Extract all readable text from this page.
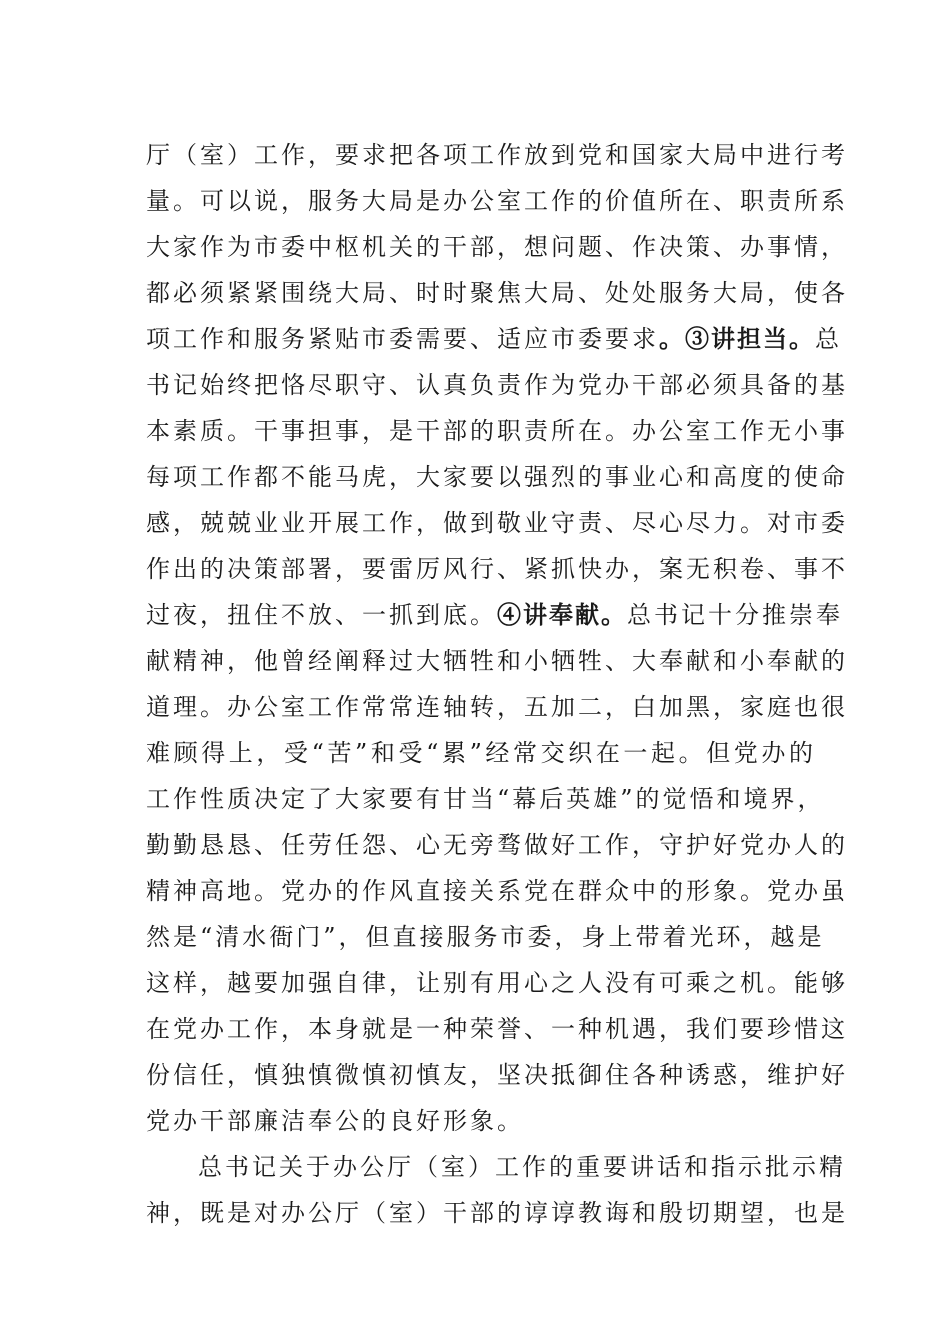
厅（室）工作，要求把各项工作放到党和国家大局中进行考
量。可以说，服务大局是办公室工作的价值所在、职责所系
大家作为市委中枢机关的干部，想问题、作决策、办事情，
都必须紧紧围绕大局、时时聚焦大局、处处服务大局，使各
项工作和服务紧贴市委需要、适应市委要求。③讲担当。总
书记始终把恪尽职守、认真负责作为党办干部必须具备的基
本素质。干事担事，是干部的职责所在。办公室工作无小事
每项工作都不能马虎，大家要以强烈的事业心和高度的使命
感，兢兢业业开展工作，做到敬业守责、尽心尽力。对市委
作出的决策部署，要雷厉风行、紧抓快办，案无积卷、事不
过夜，扭住不放、一抓到底。④讲奉献。总书记十分推崇奉
献精神，他曾经阐释过大牺牲和小牺牲、大奉献和小奉献的
道理。办公室工作常常连轴转，五加二，白加黑，家庭也很
难顾得上，受“苦”和受“累”经常交织在一起。但党办的
工作性质决定了大家要有甘当“幕后英雄”的觉悟和境界，
勤勤恳恳、任劳任怨、心无旁骛做好工作，守护好党办人的
精神高地。党办的作风直接关系党在群众中的形象。党办虽
然是“清水衙门”，但直接服务市委，身上带着光环，越是
这样，越要加强自律，让别有用心之人没有可乘之机。能够
在党办工作，本身就是一种荣誉、一种机遇，我们要珍惜这
份信任，慎独慎微慎初慎友，坚决抵御住各种诱惑，维护好
党办干部廉洁奉公的良好形象。
总书记关于办公厅（室）工作的重要讲话和指示批示精
神，既是对办公厅（室）干部的谆谆教诲和殷切期望，也是
